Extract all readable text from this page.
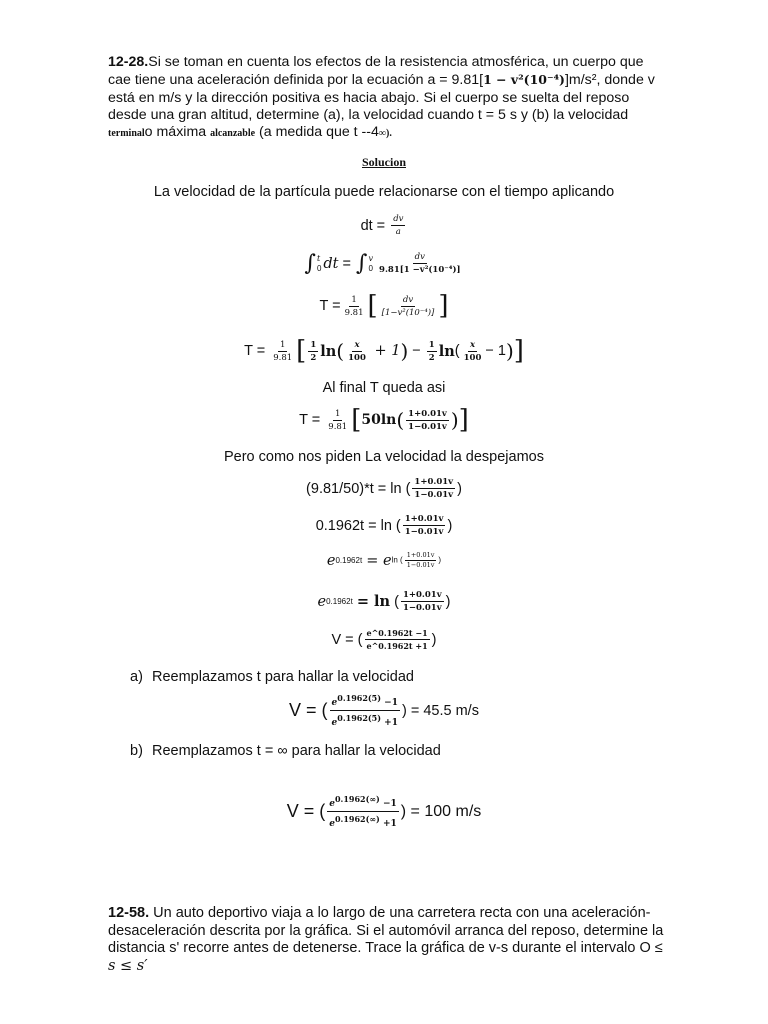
12-28.Si se toman en cuenta los efectos de la resistencia atmosférica, un cuerpo que cae tiene una aceleración definida por la ecuación a = 9.81[1 − v²(10⁻⁴)]m/s², donde v está en m/s y la dirección positiva es hacia abajo. Si el cuerpo se suelta del reposo desde una gran altitud, determine (a), la velocidad cuando t = 5 s y (b) la velocidad terminalo máxima alcanzable (a medida que t --4∞).
Solucion
La velocidad de la partícula puede relacionarse con el tiempo aplicando
dt =
$\frac{dv}{a}$
∫ t
0 dt = ∫ v
$0 \frac{dv}{\text{9.81[1 −v²(10⁻⁴)]}}$
$T = \frac{1}{9.81}$ [ $\frac{dv}{\text{[1−v²(10⁻⁴)]}}$ ]
T =
$\frac{1}{9.81}$ [ $\frac{1}{2}$ ln ( $\frac{x}{100} + 1$ ) − $\frac{1}{2}$ ln ( $\frac{x}{100} - 1$ ) ]
Al final T queda asi
T =
$\frac{1}{9.81}$ [ 50ln ( $\frac{1+0.01v}{1-0.01v}$ ) ]
Pero como nos piden La velocidad la despejamos
(9.81/50)*t = ln ( $\frac{1+0.01v}{1-0.01v}$ )
0.1962t = ln ( $\frac{1+0.01v}{1-0.01v}$ )
e 0.1962t
= e ln ( $\frac{1+0.01v}{1-0.01v}$ )
e 0.1962t
= ln ( $\frac{1+0.01v}{1-0.01v}$ )
V = ( $\frac{e\^{}0.1962t -1}{e\^{}0.1962t +1}$ )
a) Reemplazamos t para hallar la velocidad
V = ( $\frac{e^{0.1962(5)} -1}{e^{0.1962(5)} +1}$ ) = 45.5 m/s
b) Reemplazamos t = ∞ para hallar la velocidad
V = ( $\frac{e^{0.1962(\infty)} -1}{e^{0.1962(\infty)} +1}$ ) = 100 m/s
12-58. Un auto deportivo viaja a lo largo de una carretera recta con una aceleración-desaceleración descrita por la gráfica. Si el automóvil arranca del reposo, determine la distancia s' recorre antes de detenerse. Trace la gráfica de v-s durante el intervalo O ≤ s ≤ s′
